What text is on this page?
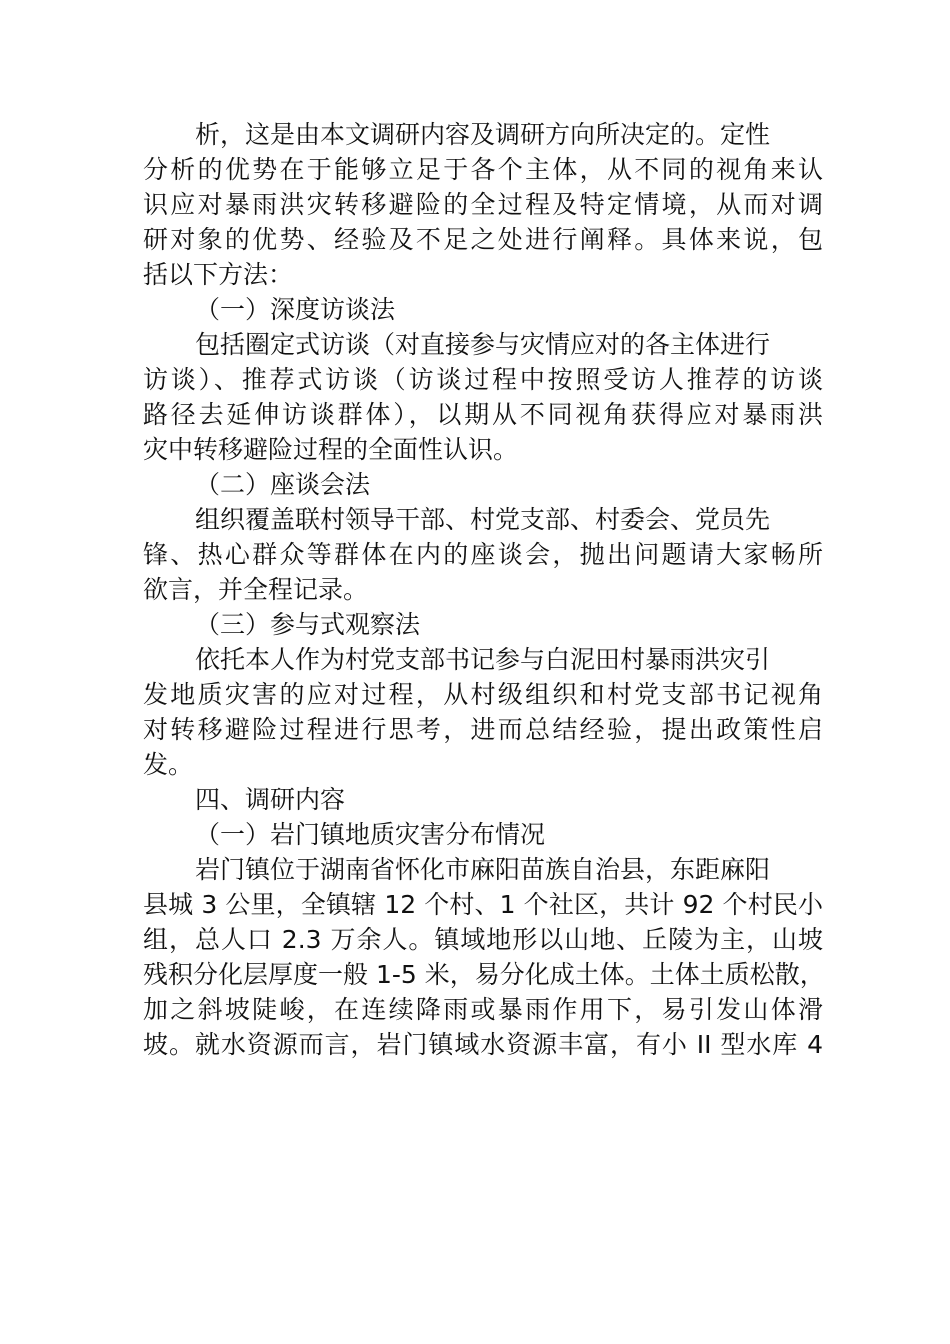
析，这是由本文调研内容及调研方向所决定的。定性
分析的优势在于能够立足于各个主体，从不同的视角来认
识应对暴雨洪灾转移避险的全过程及特定情境，从而对调
研对象的优势、经验及不足之处进行阐释。具体来说，包
括以下方法：
（一）深度访谈法
包括圈定式访谈（对直接参与灾情应对的各主体进行
访谈）、推荐式访谈（访谈过程中按照受访人推荐的访谈
路径去延伸访谈群体），以期从不同视角获得应对暴雨洪
灾中转移避险过程的全面性认识。
（二）座谈会法
组织覆盖联村领导干部、村党支部、村委会、党员先
锋、热心群众等群体在内的座谈会，抛出问题请大家畅所
欲言，并全程记录。
（三）参与式观察法
依托本人作为村党支部书记参与白泥田村暴雨洪灾引
发地质灾害的应对过程，从村级组织和村党支部书记视角
对转移避险过程进行思考，进而总结经验，提出政策性启
发。
四、调研内容
（一）岩门镇地质灾害分布情况
岩门镇位于湖南省怀化市麻阳苗族自治县，东距麻阳
县城 3 公里，全镇辖 12 个村、1 个社区，共计 92 个村民小
组，总人口 2.3 万余人。镇域地形以山地、丘陵为主，山坡
残积分化层厚度一般 1-5 米，易分化成土体。土体土质松散，
加之斜坡陡峻，在连续降雨或暴雨作用下，易引发山体滑
坡。就水资源而言，岩门镇域水资源丰富，有小 II 型水库 4
